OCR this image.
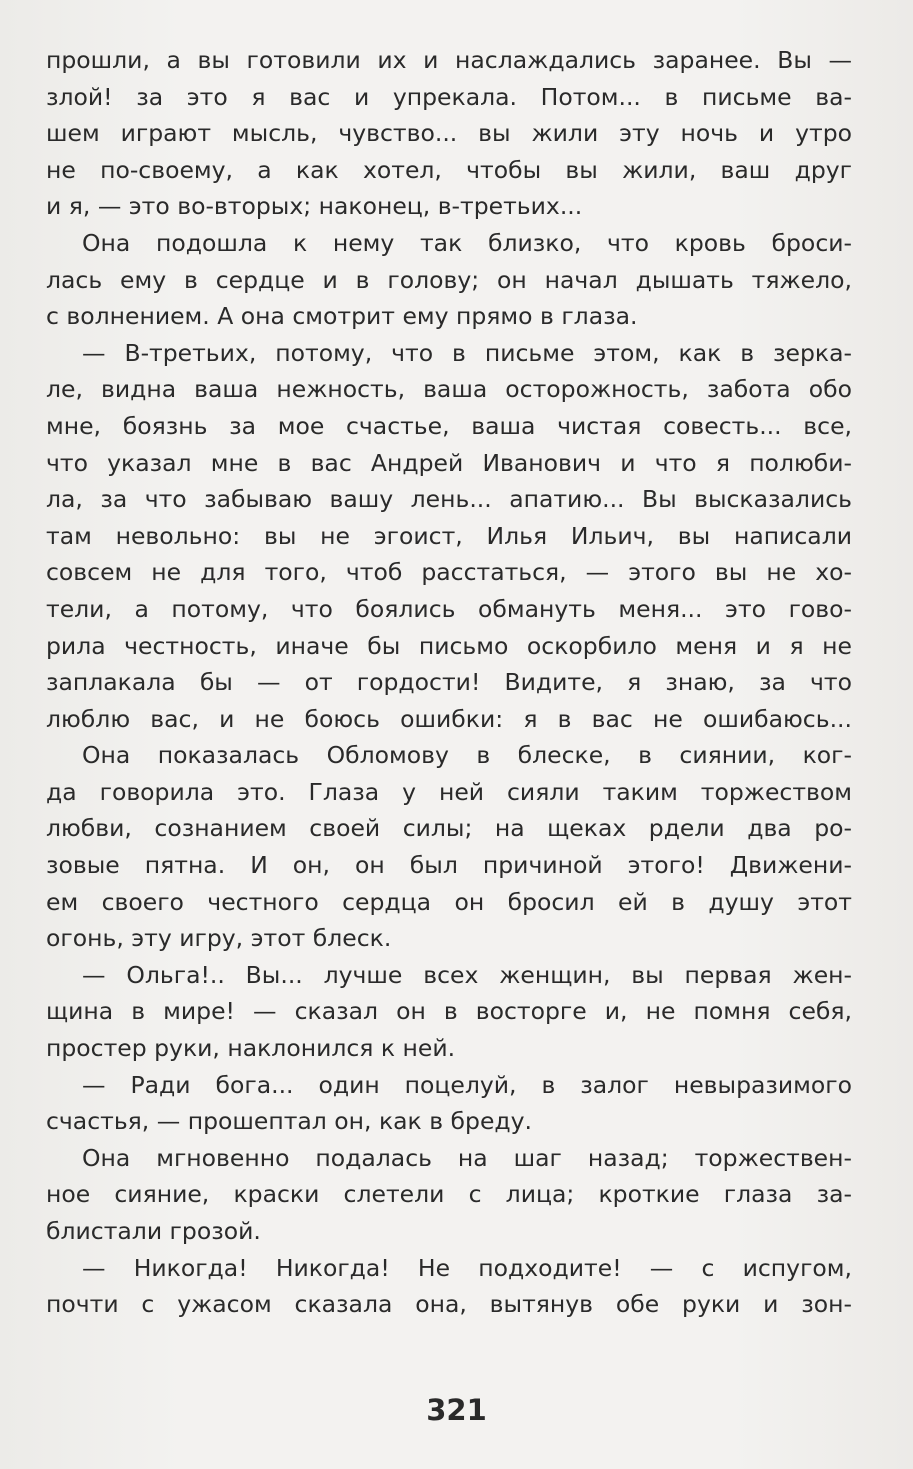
прошли, а вы готовили их и наслаждались заранее. Вы —
злой! за это я вас и упрекала. Потом... в письме ва-
шем играют мысль, чувство... вы жили эту ночь и утро
не по-своему, а как хотел, чтобы вы жили, ваш друг
и я, — это во-вторых; наконец, в-третьих...
Она подошла к нему так близко, что кровь броси-
лась ему в сердце и в голову; он начал дышать тяжело,
с волнением. А она смотрит ему прямо в глаза.
— В-третьих, потому, что в письме этом, как в зерка-
ле, видна ваша нежность, ваша осторожность, забота обо
мне, боязнь за мое счастье, ваша чистая совесть... все,
что указал мне в вас Андрей Иванович и что я полюби-
ла, за что забываю вашу лень... апатию... Вы высказались
там невольно: вы не эгоист, Илья Ильич, вы написали
совсем не для того, чтоб расстаться, — этого вы не хо-
тели, а потому, что боялись обмануть меня... это гово-
рила честность, иначе бы письмо оскорбило меня и я не
заплакала бы — от гордости! Видите, я знаю, за что
люблю вас, и не боюсь ошибки: я в вас не ошибаюсь...
Она показалась Обломову в блеске, в сиянии, ког-
да говорила это. Глаза у ней сияли таким торжеством
любви, сознанием своей силы; на щеках рдели два ро-
зовые пятна. И он, он был причиной этого! Движени-
ем своего честного сердца он бросил ей в душу этот
огонь, эту игру, этот блеск.
— Ольга!.. Вы... лучше всех женщин, вы первая жен-
щина в мире! — сказал он в восторге и, не помня себя,
простер руки, наклонился к ней.
— Ради бога... один поцелуй, в залог невыразимого
счастья, — прошептал он, как в бреду.
Она мгновенно подалась на шаг назад; торжествен-
ное сияние, краски слетели с лица; кроткие глаза за-
блистали грозой.
— Никогда! Никогда! Не подходите! — с испугом,
почти с ужасом сказала она, вытянув обе руки и зон-
321
